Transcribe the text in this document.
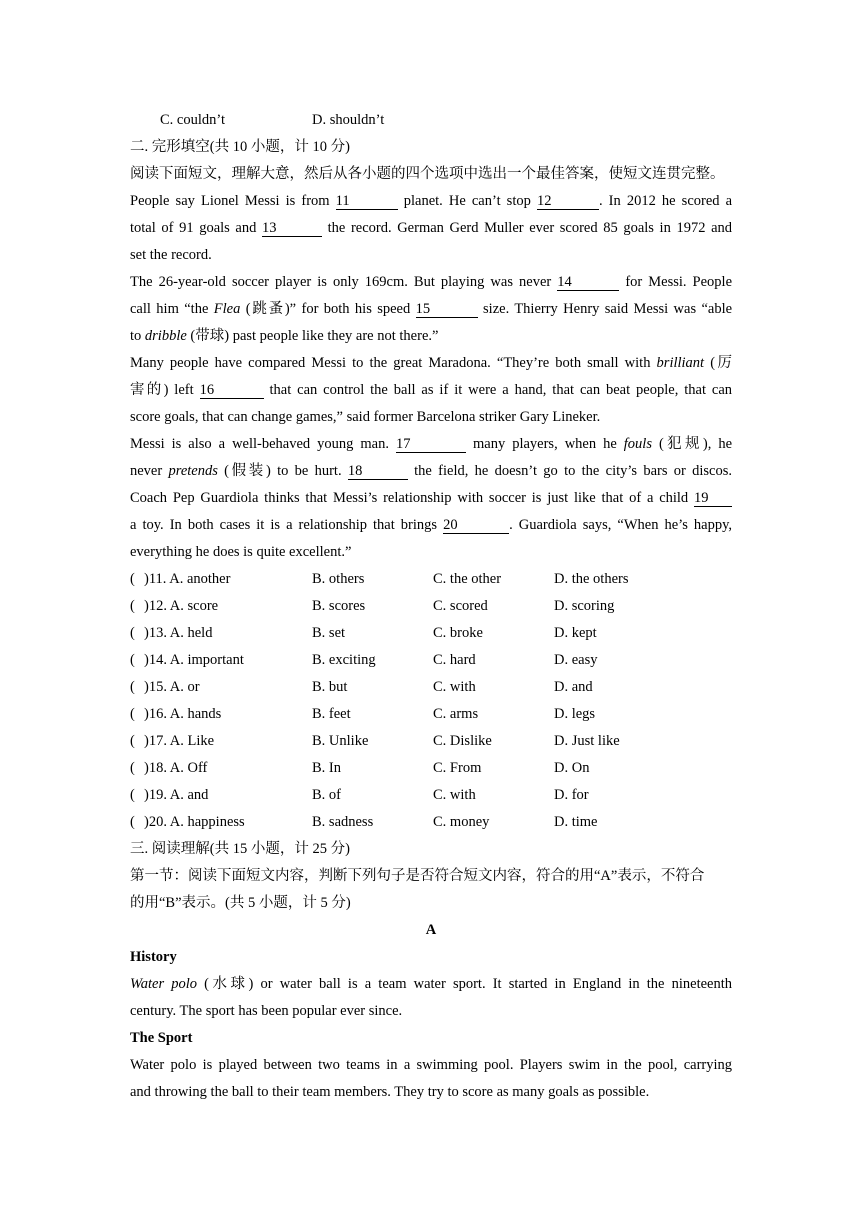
C. couldn’t	D. shouldn’t
二. 完形填空(共 10 小题，计 10 分)
阅读下面短文，理解大意，然后从各小题的四个选项中选出一个最佳答案，使短文连贯完整。
People say Lionel Messi is from 11	planet. He can’t stop 12	. In 2012 he scored a
total of 91 goals and 13	the record. German Gerd Muller ever scored 85 goals in 1972 and
set the record.
The 26-year-old soccer player is only 169cm. But playing was never 14	for Messi. People
call him “the Flea (跳蚤)” for both his speed 15	size. Thierry Henry said Messi was “able
to dribble (带球) past people like they are not there.”
Many people have compared Messi to the great Maradona. “They’re both small with brilliant (厉
害的) left 16	that can control the ball as if it were a hand, that can beat people, that can
score goals, that can change games,” said former Barcelona striker Gary Lineker.
Messi is also a well-behaved young man. 17	many players, when he fouls (犯规), he
never pretends (假装) to be hurt. 18	the field, he doesn’t go to the city’s bars or discos.
Coach Pep Guardiola thinks that Messi’s relationship with soccer is just like that of a child 19
a toy. In both cases it is a relationship that brings 20	. Guardiola says, “When he’s happy,
everything he does is quite excellent.”
( )11. A. another	B. others	C. the other	D. the others
( )12. A. score	B. scores	C. scored	D. scoring
( )13. A. held	B. set	C. broke	D. kept
( )14. A. important	B. exciting	C. hard	D. easy
( )15. A. or	B. but	C. with	D. and
( )16. A. hands	B. feet	C. arms	D. legs
( )17. A. Like	B. Unlike	C. Dislike	D. Just like
( )18. A. Off	B. In	C. From	D. On
( )19. A. and	B. of	C. with	D. for
( )20. A. happiness	B. sadness	C. money	D. time
三. 阅读理解(共 15 小题，计 25 分)
第一节：阅读下面短文内容，判断下列句子是否符合短文内容，符合的用“A”表示，不符合
的用“B”表示。(共 5 小题，计 5 分)
A
History
Water polo (水球) or water ball is a team water sport. It started in England in the nineteenth
century. The sport has been popular ever since.
The Sport
Water polo is played between two teams in a swimming pool. Players swim in the pool, carrying
and throwing the ball to their team members. They try to score as many goals as possible.
